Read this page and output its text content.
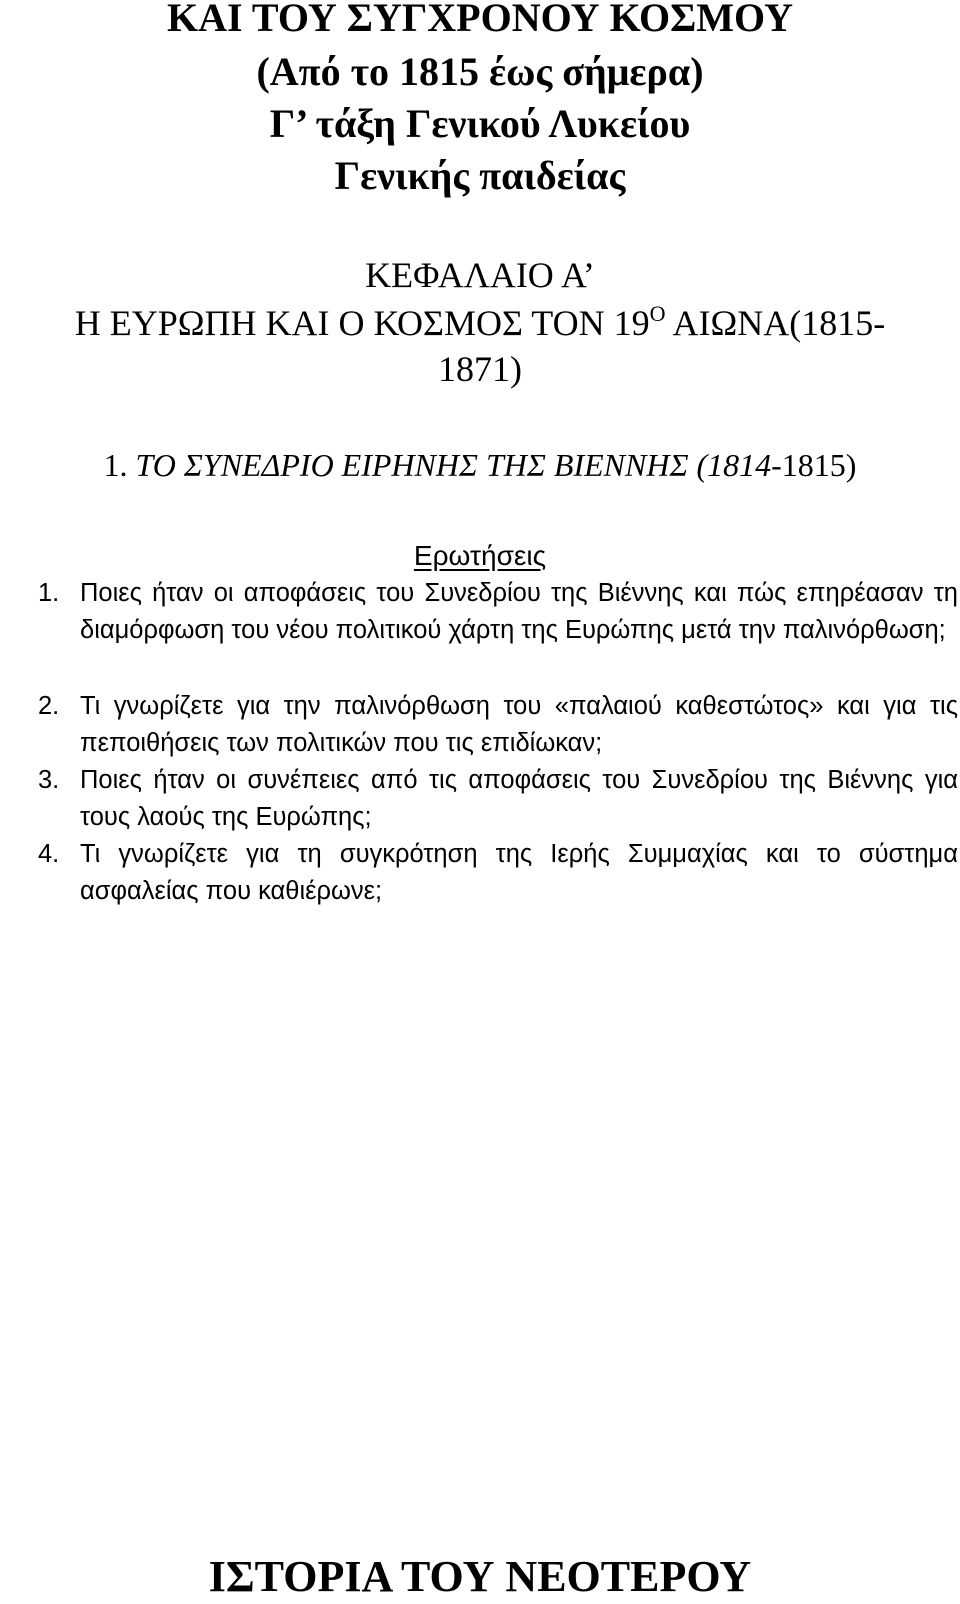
ΚΑΙ ΤΟΥ ΣΥΓΧΡΟΝΟΥ ΚΟΣΜΟΥ
(Από το 1815 έως σήμερα)
Γ’ τάξη Γενικού Λυκείου
Γενικής παιδείας
ΚΕΦΑΛΑΙΟ Α’
Η ΕΥΡΩΠΗ ΚΑΙ Ο ΚΟΣΜΟΣ ΤΟΝ $19^O$ ΑΙΩΝΑ(1815-
1871)
1. ΤΟ ΣΥΝΕΔΡΙΟ ΕΙΡΗΝΗΣ ΤΗΣ ΒΙΕΝΝΗΣ (1814-1815)
Ερωτήσεις
1. Ποιες ήταν οι αποφάσεις του Συνεδρίου της Βιέννης και πώς επηρέασαν τη διαμόρφωση του νέου πολιτικού χάρτη της Ευρώπης μετά την παλινόρθωση;
2. Τι γνωρίζετε για την παλινόρθωση του «παλαιού καθεστώτος» και για τις πεποιθήσεις των πολιτικών που τις επιδίωκαν;
3. Ποιες ήταν οι συνέπειες από τις αποφάσεις του Συνεδρίου της Βιέννης για τους λαούς της Ευρώπης;
4. Τι γνωρίζετε για τη συγκρότηση της Ιερής Συμμαχίας και το σύστημα ασφαλείας που καθιέρωνε;
ΙΣΤΟΡΙΑ ΤΟΥ ΝΕΟΤΕΡΟΥ
